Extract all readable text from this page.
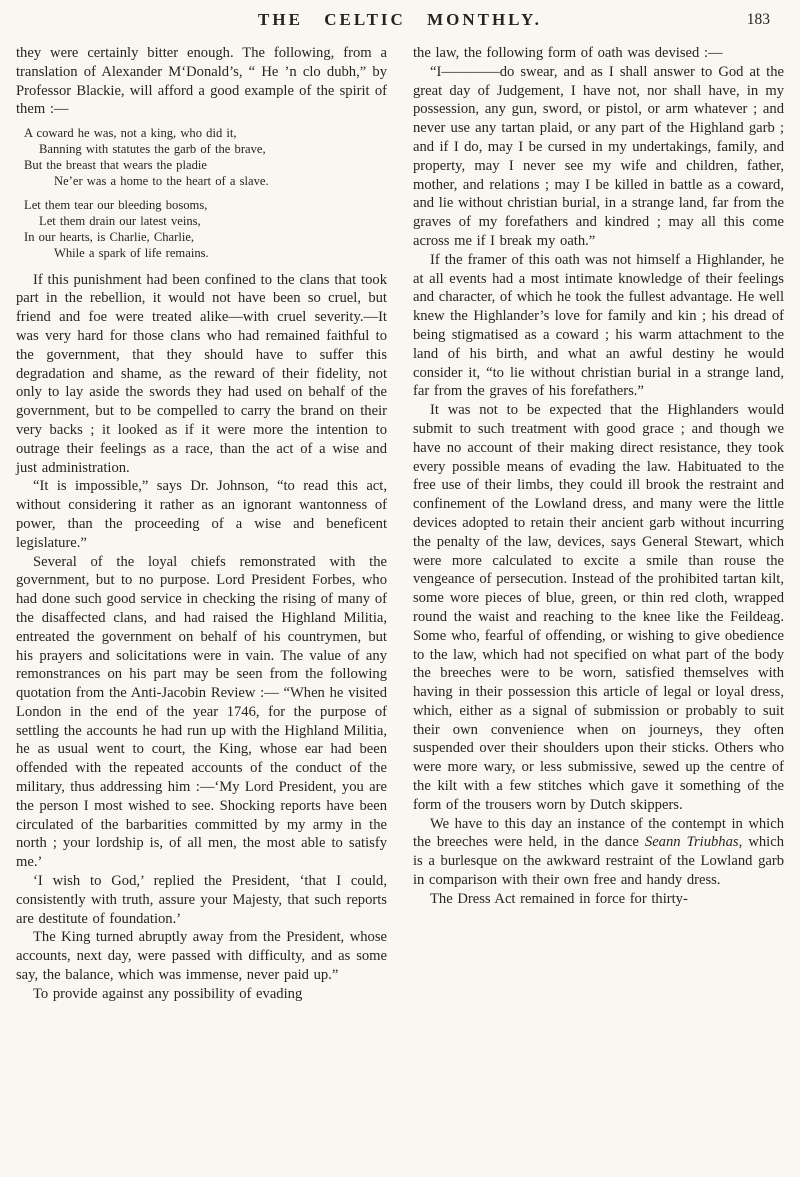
THE CELTIC MONTHLY.	183

they were certainly bitter enough. The following, from a translation of Alexander M‘Donald’s, “ He ’n clo dubh,” by Professor Blackie, will afford a good example of the spirit of them :—

A coward he was, not a king, who did it,
Banning with statutes the garb of the brave,
But the breast that wears the pladie
Ne’er was a home to the heart of a slave.
Let them tear our bleeding bosoms,
Let them drain our latest veins,
In our hearts, is Charlie, Charlie,
While a spark of life remains.

If this punishment had been confined to the clans that took part in the rebellion, it would not have been so cruel, but friend and foe were treated alike—with cruel severity.—It was very hard for those clans who had remained faithful to the government, that they should have to suffer this degradation and shame, as the reward of their fidelity, not only to lay aside the swords they had used on behalf of the government, but to be compelled to carry the brand on their very backs ; it looked as if it were more the intention to outrage their feelings as a race, than the act of a wise and just administration.

“It is impossible,” says Dr. Johnson, “to read this act, without considering it rather as an ignorant wantonness of power, than the proceeding of a wise and beneficent legislature.”

Several of the loyal chiefs remonstrated with the government, but to no purpose. Lord President Forbes, who had done such good service in checking the rising of many of the disaffected clans, and had raised the Highland Militia, entreated the government on behalf of his countrymen, but his prayers and solicitations were in vain. The value of any remonstrances on his part may be seen from the following quotation from the Anti-Jacobin Review :— “When he visited London in the end of the year 1746, for the purpose of settling the accounts he had run up with the Highland Militia, he as usual went to court, the King, whose ear had been offended with the repeated accounts of the conduct of the military, thus addressing him :—‘My Lord President, you are the person I most wished to see. Shocking reports have been circulated of the barbarities committed by my army in the north ; your lordship is, of all men, the most able to satisfy me.’

‘I wish to God,’ replied the President, ‘that I could, consistently with truth, assure your Majesty, that such reports are destitute of foundation.’

The King turned abruptly away from the President, whose accounts, next day, were passed with difficulty, and as some say, the balance, which was immense, never paid up.”

To provide against any possibility of evading

the law, the following form of oath was devised :—

“I————do swear, and as I shall answer to God at the great day of Judgement, I have not, nor shall have, in my possession, any gun, sword, or pistol, or arm whatever ; and never use any tartan plaid, or any part of the Highland garb ; and if I do, may I be cursed in my undertakings, family, and property, may I never see my wife and children, father, mother, and relations ; may I be killed in battle as a coward, and lie without christian burial, in a strange land, far from the graves of my forefathers and kindred ; may all this come across me if I break my oath.”

If the framer of this oath was not himself a Highlander, he at all events had a most intimate knowledge of their feelings and character, of which he took the fullest advantage. He well knew the Highlander’s love for family and kin ; his dread of being stigmatised as a coward ; his warm attachment to the land of his birth, and what an awful destiny he would consider it, “to lie without christian burial in a strange land, far from the graves of his forefathers.”

It was not to be expected that the Highlanders would submit to such treatment with good grace ; and though we have no account of their making direct resistance, they took every possible means of evading the law. Habituated to the free use of their limbs, they could ill brook the restraint and confinement of the Lowland dress, and many were the little devices adopted to retain their ancient garb without incurring the penalty of the law, devices, says General Stewart, which were more calculated to excite a smile than rouse the vengeance of persecution. Instead of the prohibited tartan kilt, some wore pieces of blue, green, or thin red cloth, wrapped round the waist and reaching to the knee like the Feildeag. Some who, fearful of offending, or wishing to give obedience to the law, which had not specified on what part of the body the breeches were to be worn, satisfied themselves with having in their possession this article of legal or loyal dress, which, either as a signal of submission or probably to suit their own convenience when on journeys, they often suspended over their shoulders upon their sticks. Others who were more wary, or less submissive, sewed up the centre of the kilt with a few stitches which gave it something of the form of the trousers worn by Dutch skippers.

We have to this day an instance of the contempt in which the breeches were held, in the dance Seann Triubhas, which is a burlesque on the awkward restraint of the Lowland garb in comparison with their own free and handy dress.

The Dress Act remained in force for thirty-
